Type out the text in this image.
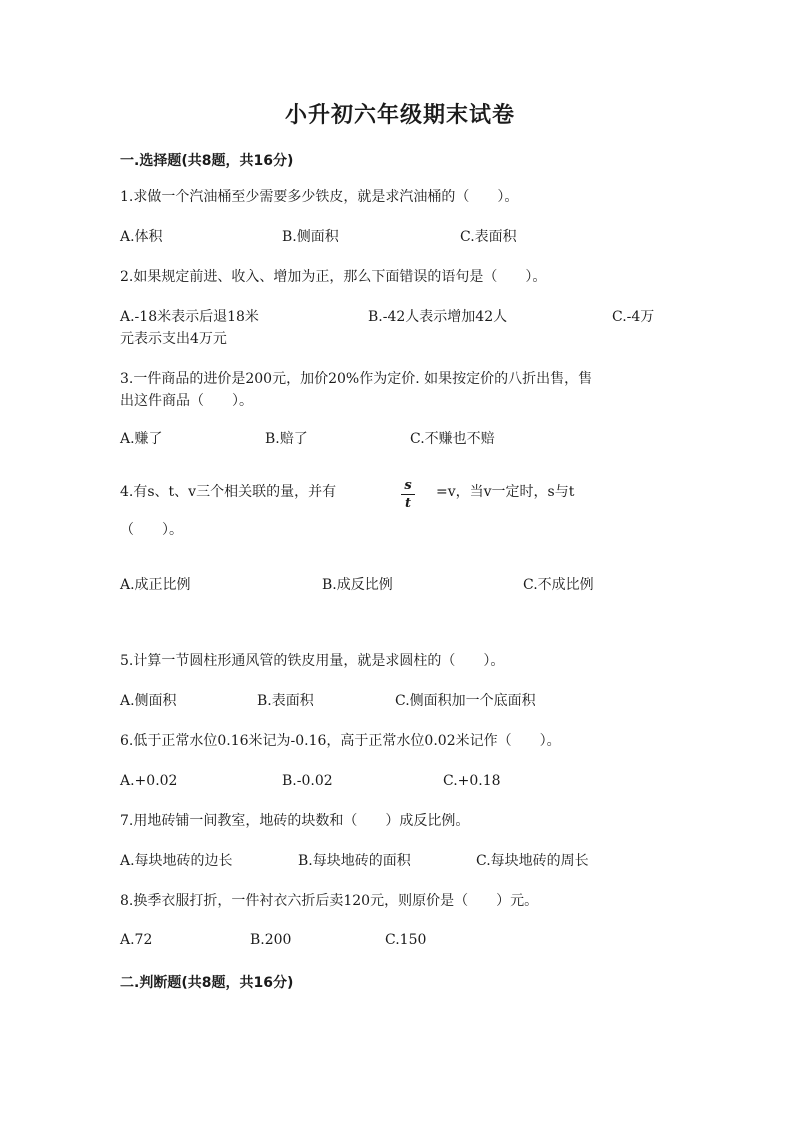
小升初六年级期末试卷
一.选择题(共8题，共16分)
1.求做一个汽油桶至少需要多少铁皮，就是求汽油桶的（　　）。
A.体积	B.侧面积	C.表面积
2.如果规定前进、收入、增加为正，那么下面错误的语句是（　　）。
A.-18米表示后退18米	B.-42人表示增加42人	C.-4万
元表示支出4万元
3.一件商品的进价是200元，加价20%作为定价. 如果按定价的八折出售，售
出这件商品（　　）。
A.赚了	B.赔了	C.不赚也不赔
4.有s、t、v三个相关联的量，并有	s
t
=v，当v一定时，s与t
（　　）。
A.成正比例	B.成反比例	C.不成比例
5.计算一节圆柱形通风管的铁皮用量，就是求圆柱的（　　）。
A.侧面积	B.表面积	C.侧面积加一个底面积
6.低于正常水位0.16米记为-0.16，高于正常水位0.02米记作（　　）。
A.+0.02	B.-0.02	C.+0.18
7.用地砖铺一间教室，地砖的块数和（　　）成反比例。
A.每块地砖的边长	B.每块地砖的面积	C.每块地砖的周长
8.换季衣服打折，一件衬衣六折后卖120元，则原价是（　　）元。
A.72	B.200	C.150
二.判断题(共8题，共16分)
